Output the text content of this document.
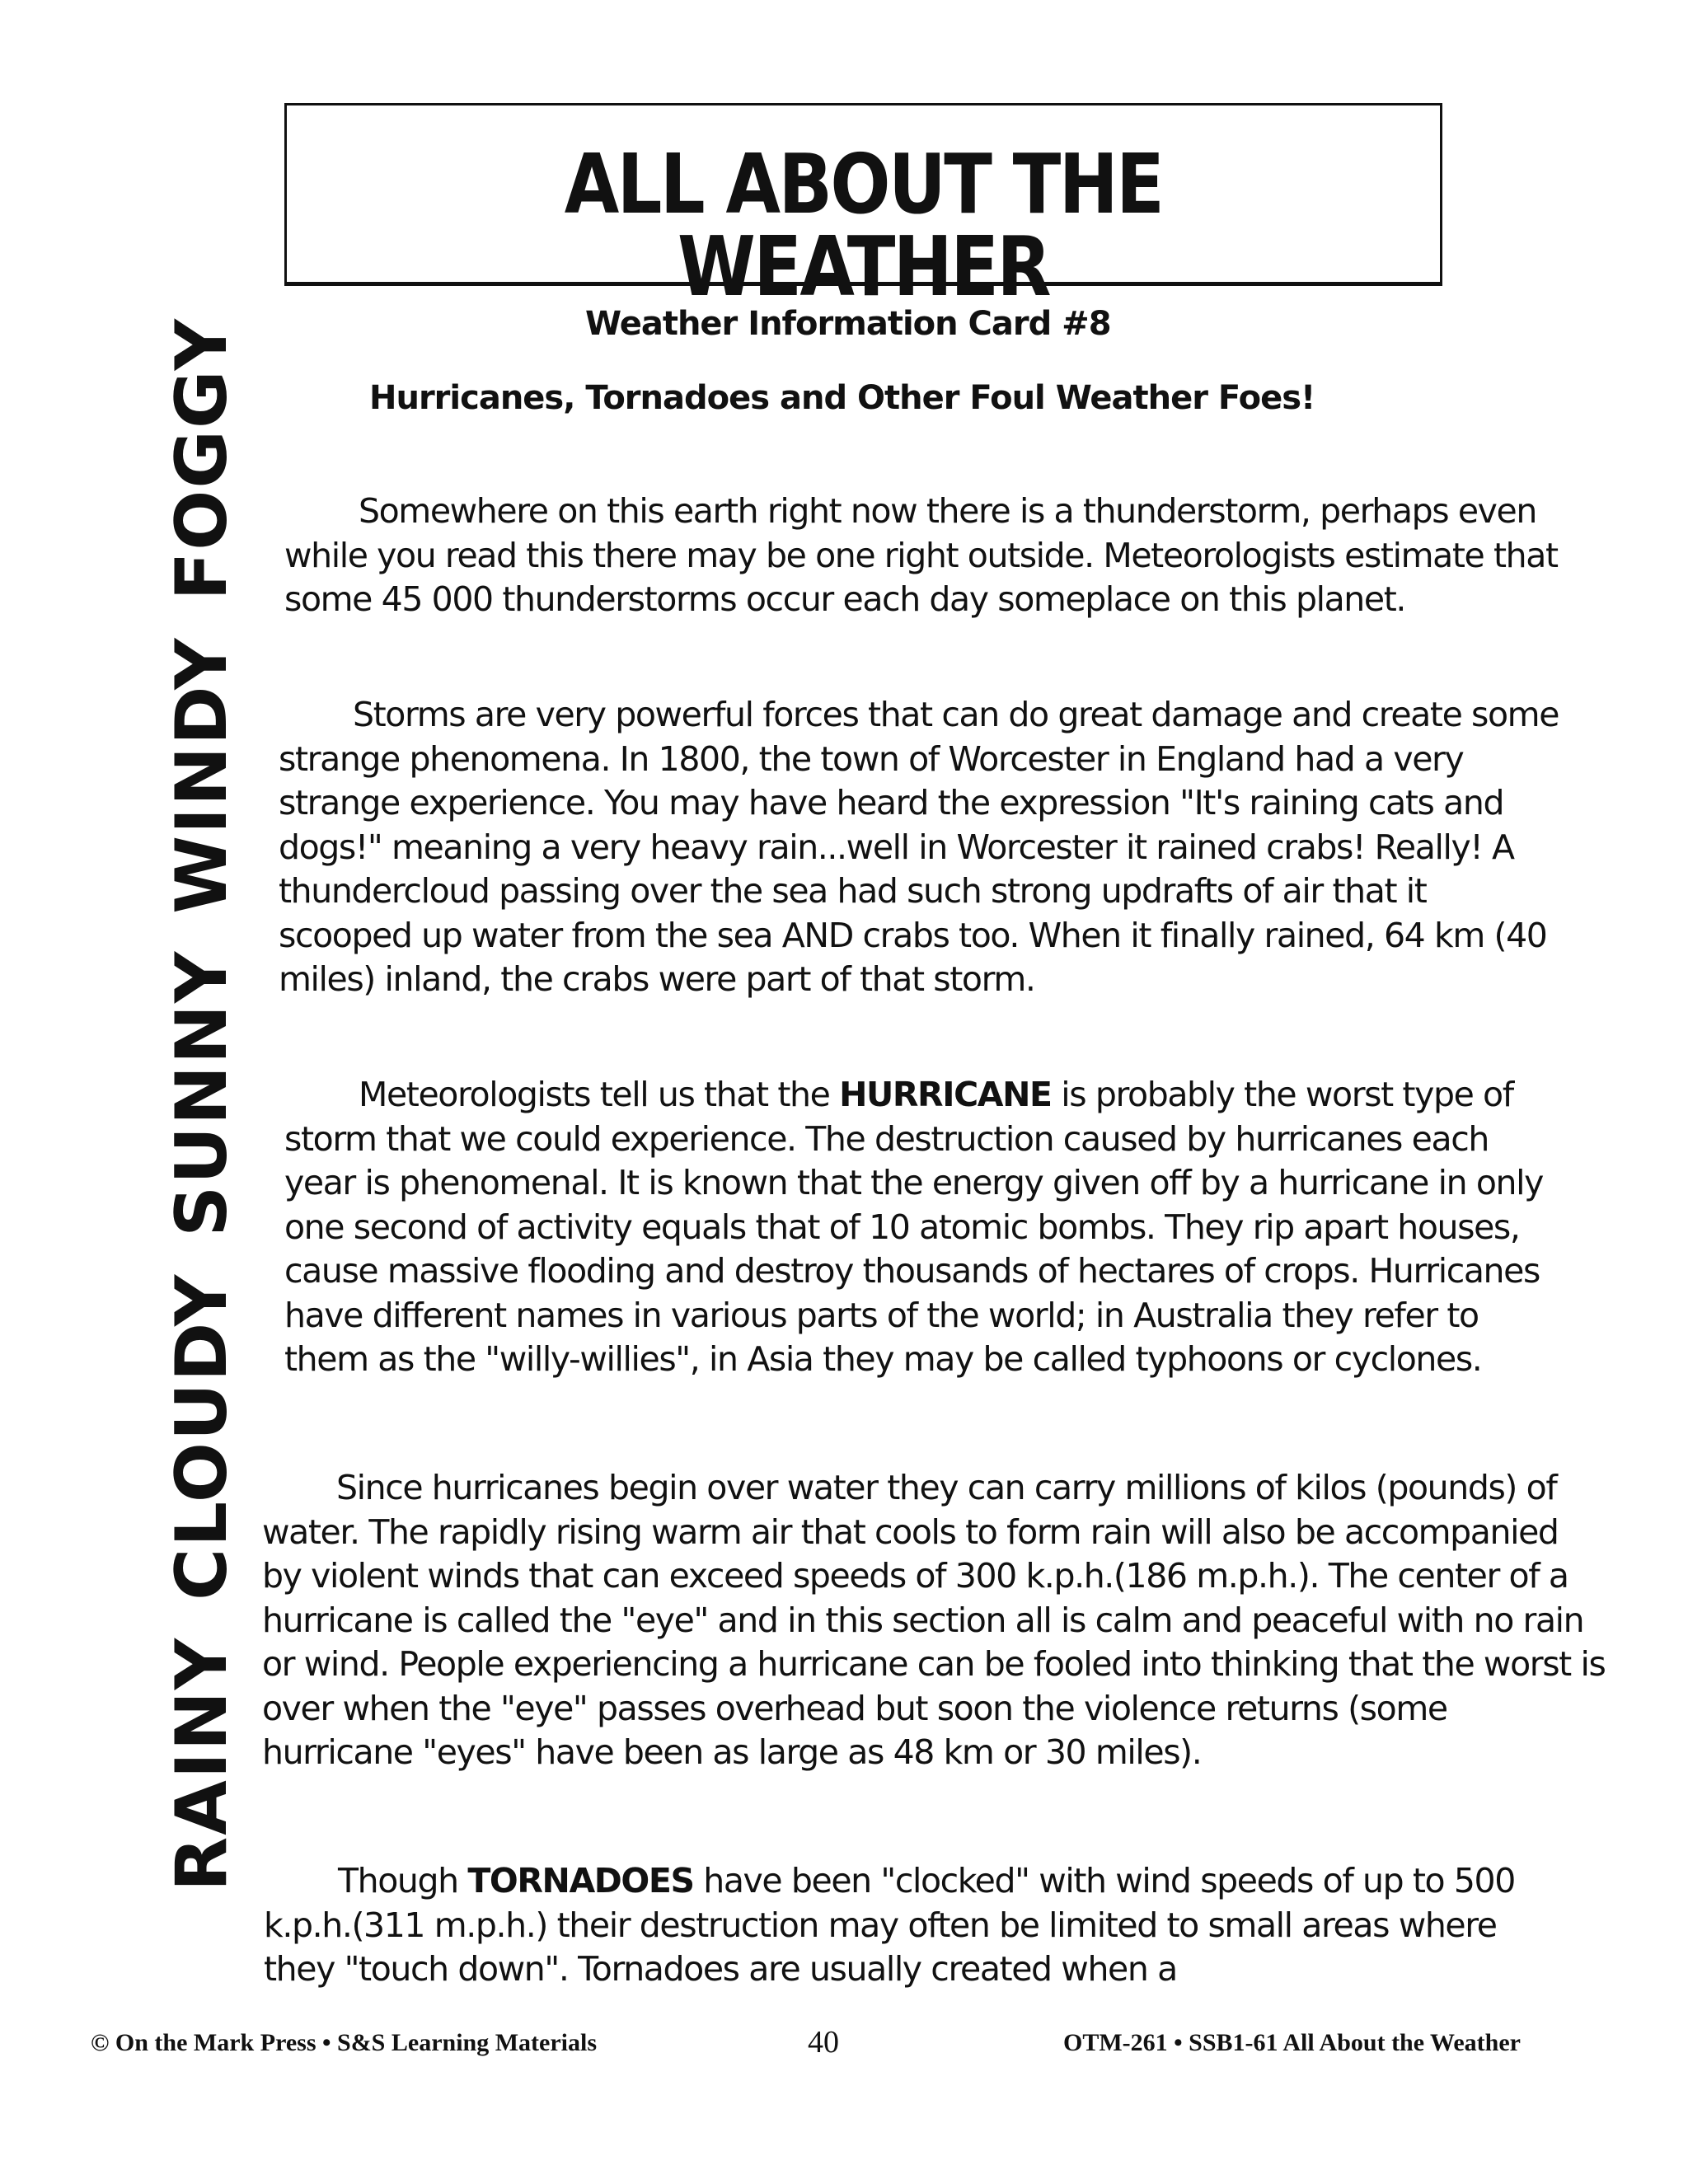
ALL ABOUT THE WEATHER
RAINYCLOUDYSUNNYWINDYFOGGY	Weather Information Card #8
Hurricanes, Tornadoes and Other Foul Weather Foes!

Somewhere on this earth right now there is a thunderstorm, perhaps even while you read this there may be one right outside. Meteorologists estimate that some 45 000 thunderstorms occur each day someplace on this planet.

Storms are very powerful forces that can do great damage and create some strange phenomena. In 1800, the town of Worcester in England had a very strange experience. You may have heard the expression "It's raining cats and dogs!" meaning a very heavy rain...well in Worcester it rained crabs! Really! A thundercloud passing over the sea had such strong updrafts of air that it scooped up water from the sea AND crabs too. When it finally rained, 64 km (40 miles) inland, the crabs were part of that storm.

Meteorologists tell us that the HURRICANE is probably the worst type of storm that we could experience. The destruction caused by hurricanes each year is phenomenal. It is known that the energy given off by a hurricane in only one second of activity equals that of 10 atomic bombs. They rip apart houses, cause massive flooding and destroy thousands of hectares of crops. Hurricanes have different names in various parts of the world; in Australia they refer to them as the "willy-willies", in Asia they may be called typhoons or cyclones.

Since hurricanes begin over water they can carry millions of kilos (pounds) of water. The rapidly rising warm air that cools to form rain will also be accompanied by violent winds that can exceed speeds of 300 k.p.h.(186 m.p.h.). The center of a hurricane is called the "eye" and in this section all is calm and peaceful with no rain or wind. People experiencing a hurricane can be fooled into thinking that the worst is over when the "eye" passes overhead but soon the violence returns (some hurricane "eyes" have been as large as 48 km or 30 miles).

Though TORNADOES have been "clocked" with wind speeds of up to 500 k.p.h.(311 m.p.h.) their destruction may often be limited to small areas where they "touch down". Tornadoes are usually created when a

© On the Mark Press • S&S Learning Materials	40	OTM-261 • SSB1-61 All About the Weather
